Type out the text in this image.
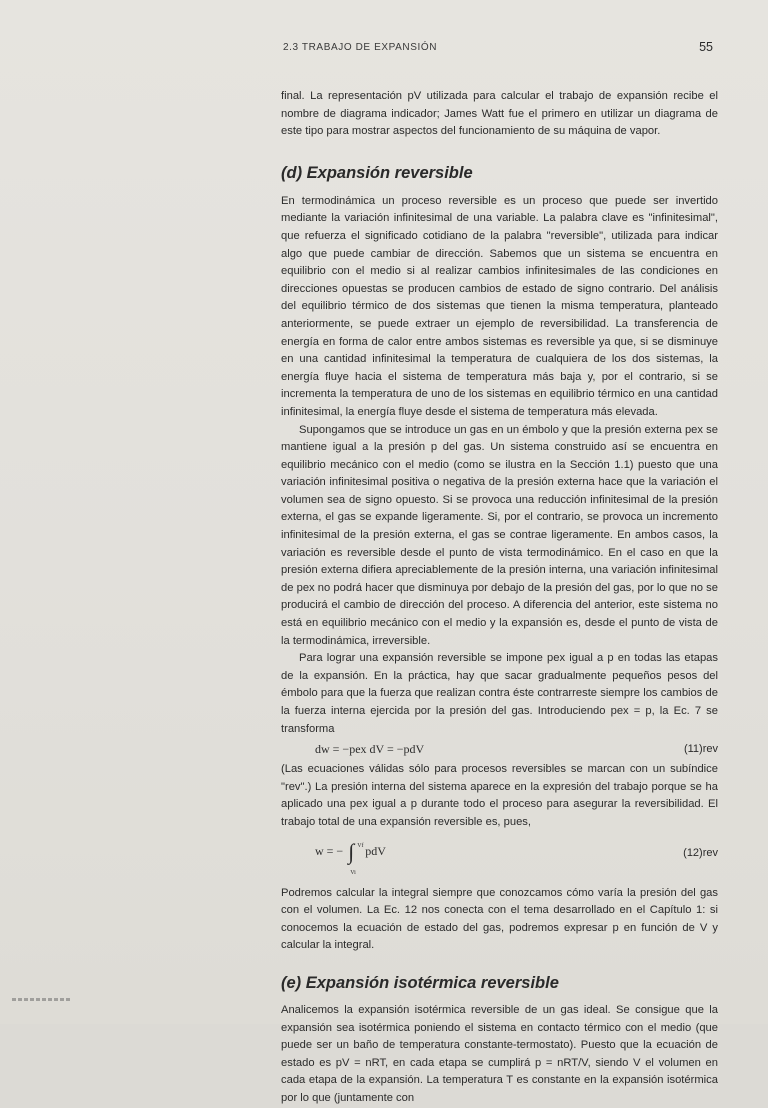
2.3 TRABAJO DE EXPANSIÓN	55

final. La representación pV utilizada para calcular el trabajo de expansión recibe el nombre de diagrama indicador; James Watt fue el primero en utilizar un diagrama de este tipo para mostrar aspectos del funcionamiento de su máquina de vapor.

(d) Expansión reversible

En termodinámica un proceso reversible es un proceso que puede ser invertido mediante la variación infinitesimal de una variable. La palabra clave es "infinitesimal", que refuerza el significado cotidiano de la palabra "reversible", utilizada para indicar algo que puede cambiar de dirección. Sabemos que un sistema se encuentra en equilibrio con el medio si al realizar cambios infinitesimales de las condiciones en direcciones opuestas se producen cambios de estado de signo contrario. Del análisis del equilibrio térmico de dos sistemas que tienen la misma temperatura, planteado anteriormente, se puede extraer un ejemplo de reversibilidad. La transferencia de energía en forma de calor entre ambos sistemas es reversible ya que, si se disminuye en una cantidad infinitesimal la temperatura de cualquiera de los dos sistemas, la energía fluye hacia el sistema de temperatura más baja y, por el contrario, si se incrementa la temperatura de uno de los sistemas en equilibrio térmico en una cantidad infinitesimal, la energía fluye desde el sistema de temperatura más elevada.

Supongamos que se introduce un gas en un émbolo y que la presión externa pex se mantiene igual a la presión p del gas. Un sistema construido así se encuentra en equilibrio mecánico con el medio (como se ilustra en la Sección 1.1) puesto que una variación infinitesimal positiva o negativa de la presión externa hace que la variación el volumen sea de signo opuesto. Si se provoca una reducción infinitesimal de la presión externa, el gas se expande ligeramente. Si, por el contrario, se provoca un incremento infinitesimal de la presión externa, el gas se contrae ligeramente. En ambos casos, la variación es reversible desde el punto de vista termodinámico. En el caso en que la presión externa difiera apreciablemente de la presión interna, una variación infinitesimal de pex no podrá hacer que disminuya por debajo de la presión del gas, por lo que no se producirá el cambio de dirección del proceso. A diferencia del anterior, este sistema no está en equilibrio mecánico con el medio y la expansión es, desde el punto de vista de la termodinámica, irreversible.

Para lograr una expansión reversible se impone pex igual a p en todas las etapas de la expansión. En la práctica, hay que sacar gradualmente pequeños pesos del émbolo para que la fuerza que realizan contra éste contrarreste siempre los cambios de la fuerza interna ejercida por la presión del gas. Introduciendo pex = p, la Ec. 7 se transforma

dw = −pex dV = −pdV	(11)rev

(Las ecuaciones válidas sólo para procesos reversibles se marcan con un subíndice "rev".) La presión interna del sistema aparece en la expresión del trabajo porque se ha aplicado una pex igual a p durante todo el proceso para asegurar la reversibilidad. El trabajo total de una expansión reversible es, pues,

w = − ∫ Vf
Vi
pdV	(12)rev

Podremos calcular la integral siempre que conozcamos cómo varía la presión del gas con el volumen. La Ec. 12 nos conecta con el tema desarrollado en el Capítulo 1: si conocemos la ecuación de estado del gas, podremos expresar p en función de V y calcular la integral.

(e) Expansión isotérmica reversible

Analicemos la expansión isotérmica reversible de un gas ideal. Se consigue que la expansión sea isotérmica poniendo el sistema en contacto térmico con el medio (que puede ser un baño de temperatura constante-termostato). Puesto que la ecuación de estado es pV = nRT, en cada etapa se cumplirá p = nRT/V, siendo V el volumen en cada etapa de la expansión. La temperatura T es constante en la expansión isotérmica por lo que (juntamente con
